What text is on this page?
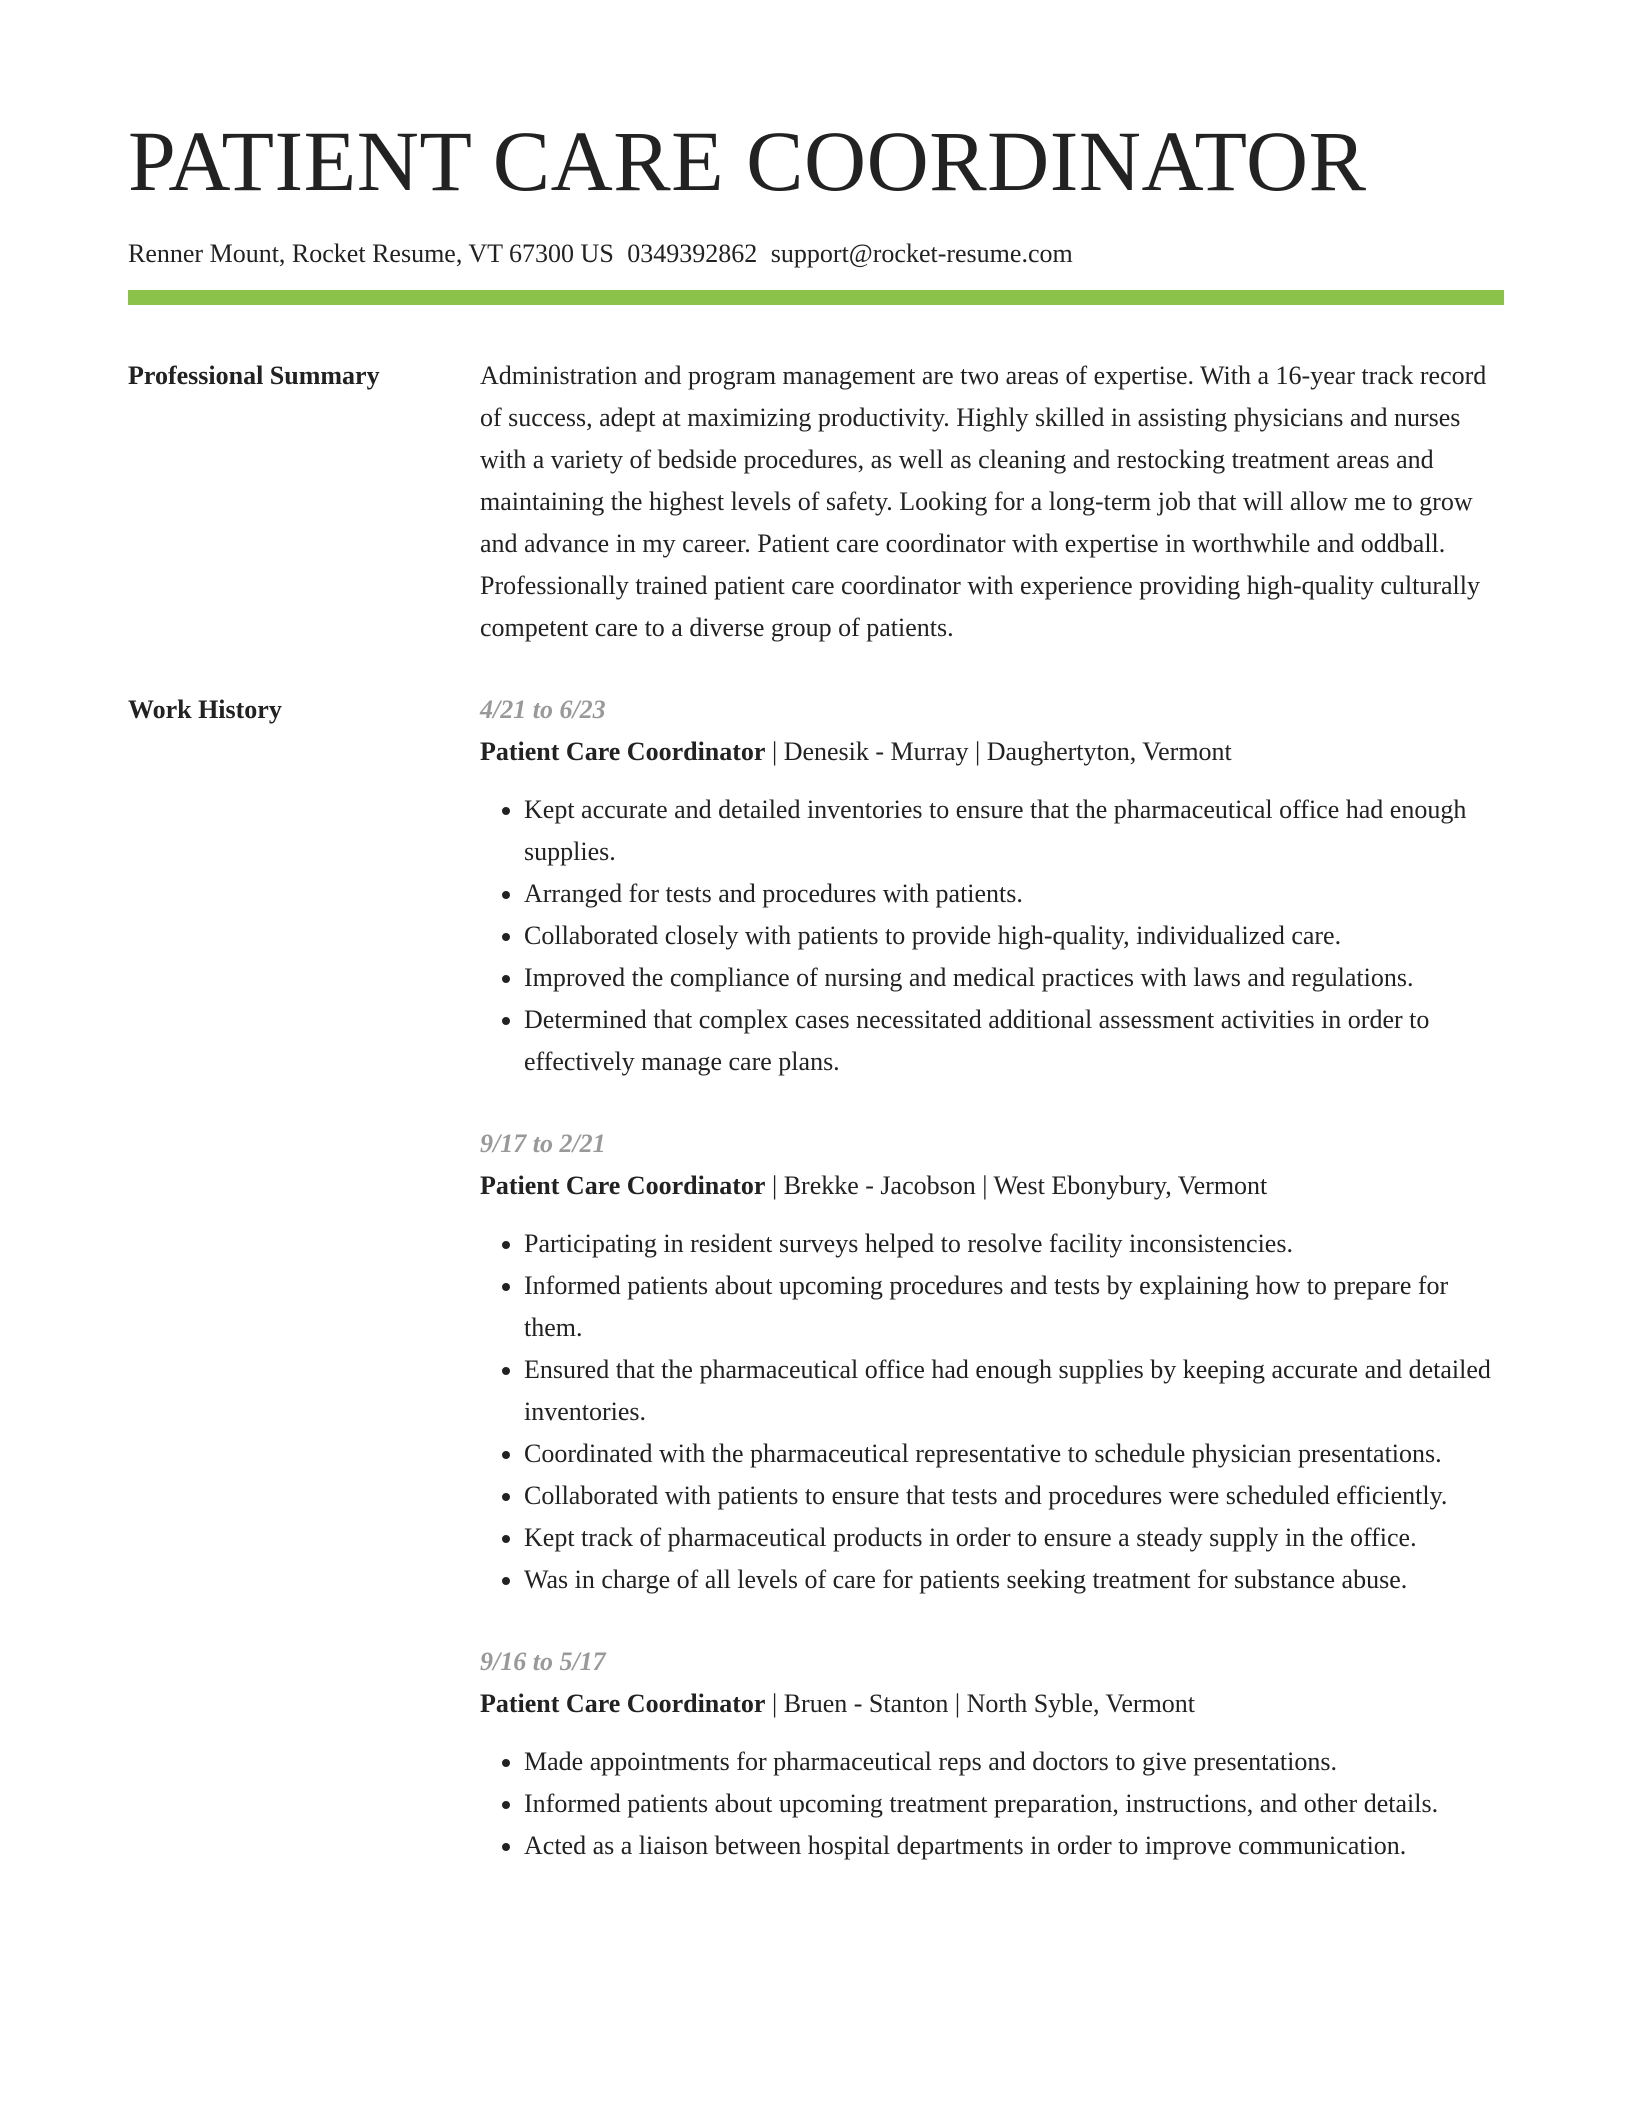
PATIENT CARE COORDINATOR
Renner Mount, Rocket Resume, VT 67300 US 0349392862 support@rocket-resume.com
Professional Summary	Administration and program management are two areas of expertise. With a 16-year track record of success, adept at maximizing productivity. Highly skilled in assisting physicians and nurses with a variety of bedside procedures, as well as cleaning and restocking treatment areas and maintaining the highest levels of safety. Looking for a long-term job that will allow me to grow and advance in my career. Patient care coordinator with expertise in worthwhile and oddball. Professionally trained patient care coordinator with experience providing high-quality culturally competent care to a diverse group of patients.

Work History	4/21 to 6/23
Patient Care Coordinator | Denesik - Murray | Daughertyton, Vermont
• Kept accurate and detailed inventories to ensure that the pharmaceutical office had enough supplies.
• Arranged for tests and procedures with patients.
• Collaborated closely with patients to provide high-quality, individualized care.
• Improved the compliance of nursing and medical practices with laws and regulations.
• Determined that complex cases necessitated additional assessment activities in order to effectively manage care plans.
9/17 to 2/21
Patient Care Coordinator | Brekke - Jacobson | West Ebonybury, Vermont
• Participating in resident surveys helped to resolve facility inconsistencies.
• Informed patients about upcoming procedures and tests by explaining how to prepare for them.
• Ensured that the pharmaceutical office had enough supplies by keeping accurate and detailed inventories.
• Coordinated with the pharmaceutical representative to schedule physician presentations.
• Collaborated with patients to ensure that tests and procedures were scheduled efficiently.
• Kept track of pharmaceutical products in order to ensure a steady supply in the office.
• Was in charge of all levels of care for patients seeking treatment for substance abuse.
9/16 to 5/17
Patient Care Coordinator | Bruen - Stanton | North Syble, Vermont
• Made appointments for pharmaceutical reps and doctors to give presentations.
• Informed patients about upcoming treatment preparation, instructions, and other details.
• Acted as a liaison between hospital departments in order to improve communication.
